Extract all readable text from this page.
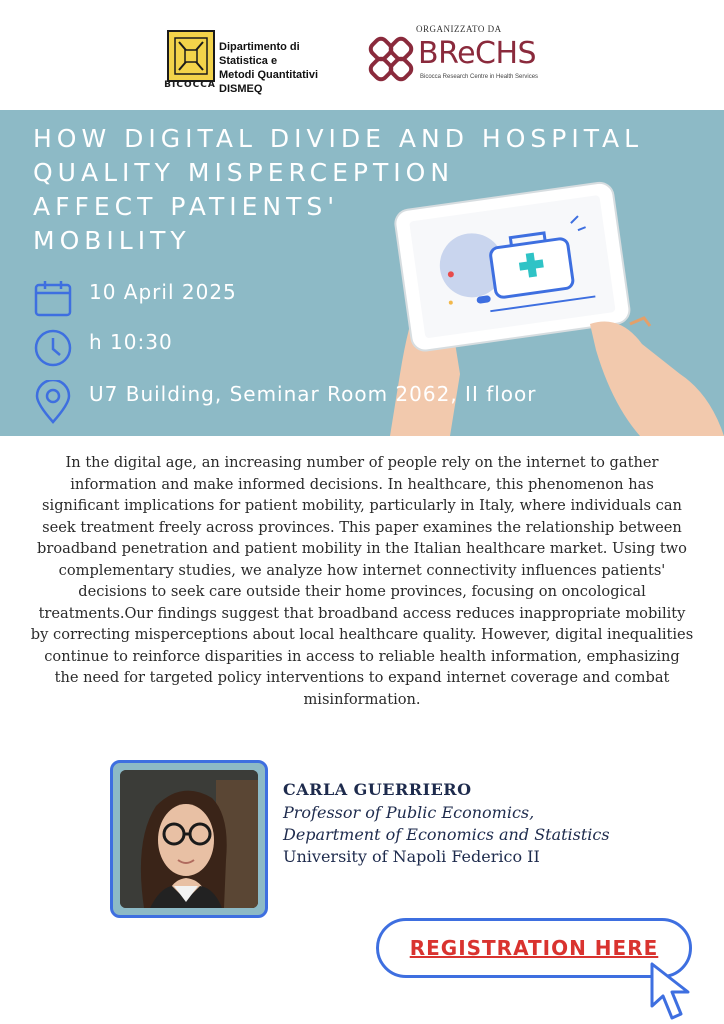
BICOCCA
Dipartimento di Statistica e
Metodi Quantitativi DISMEQ
ORGANIZZATO DA
BReCHS
Bicocca Research Centre in Health Services
HOW DIGITAL DIVIDE AND HOSPITAL
QUALITY MISPERCEPTION
AFFECT PATIENTS'
MOBILITY
10 April 2025
h 10:30
U7 Building, Seminar Room 2062, II floor

In the digital age, an increasing number of people rely on the internet to gather information and make informed decisions. In healthcare, this phenomenon has significant implications for patient mobility, particularly in Italy, where individuals can seek treatment freely across provinces. This paper examines the relationship between broadband penetration and patient mobility in the Italian healthcare market. Using two complementary studies, we analyze how internet connectivity influences patients' decisions to seek care outside their home provinces, focusing on oncological treatments.Our findings suggest that broadband access reduces inappropriate mobility by correcting misperceptions about local healthcare quality. However, digital inequalities continue to reinforce disparities in access to reliable health information, emphasizing the need for targeted policy interventions to expand internet coverage and combat misinformation.

CARLA GUERRIERO
Professor of Public Economics,
Department of Economics and Statistics
University of Napoli Federico II
REGISTRATION HERE
